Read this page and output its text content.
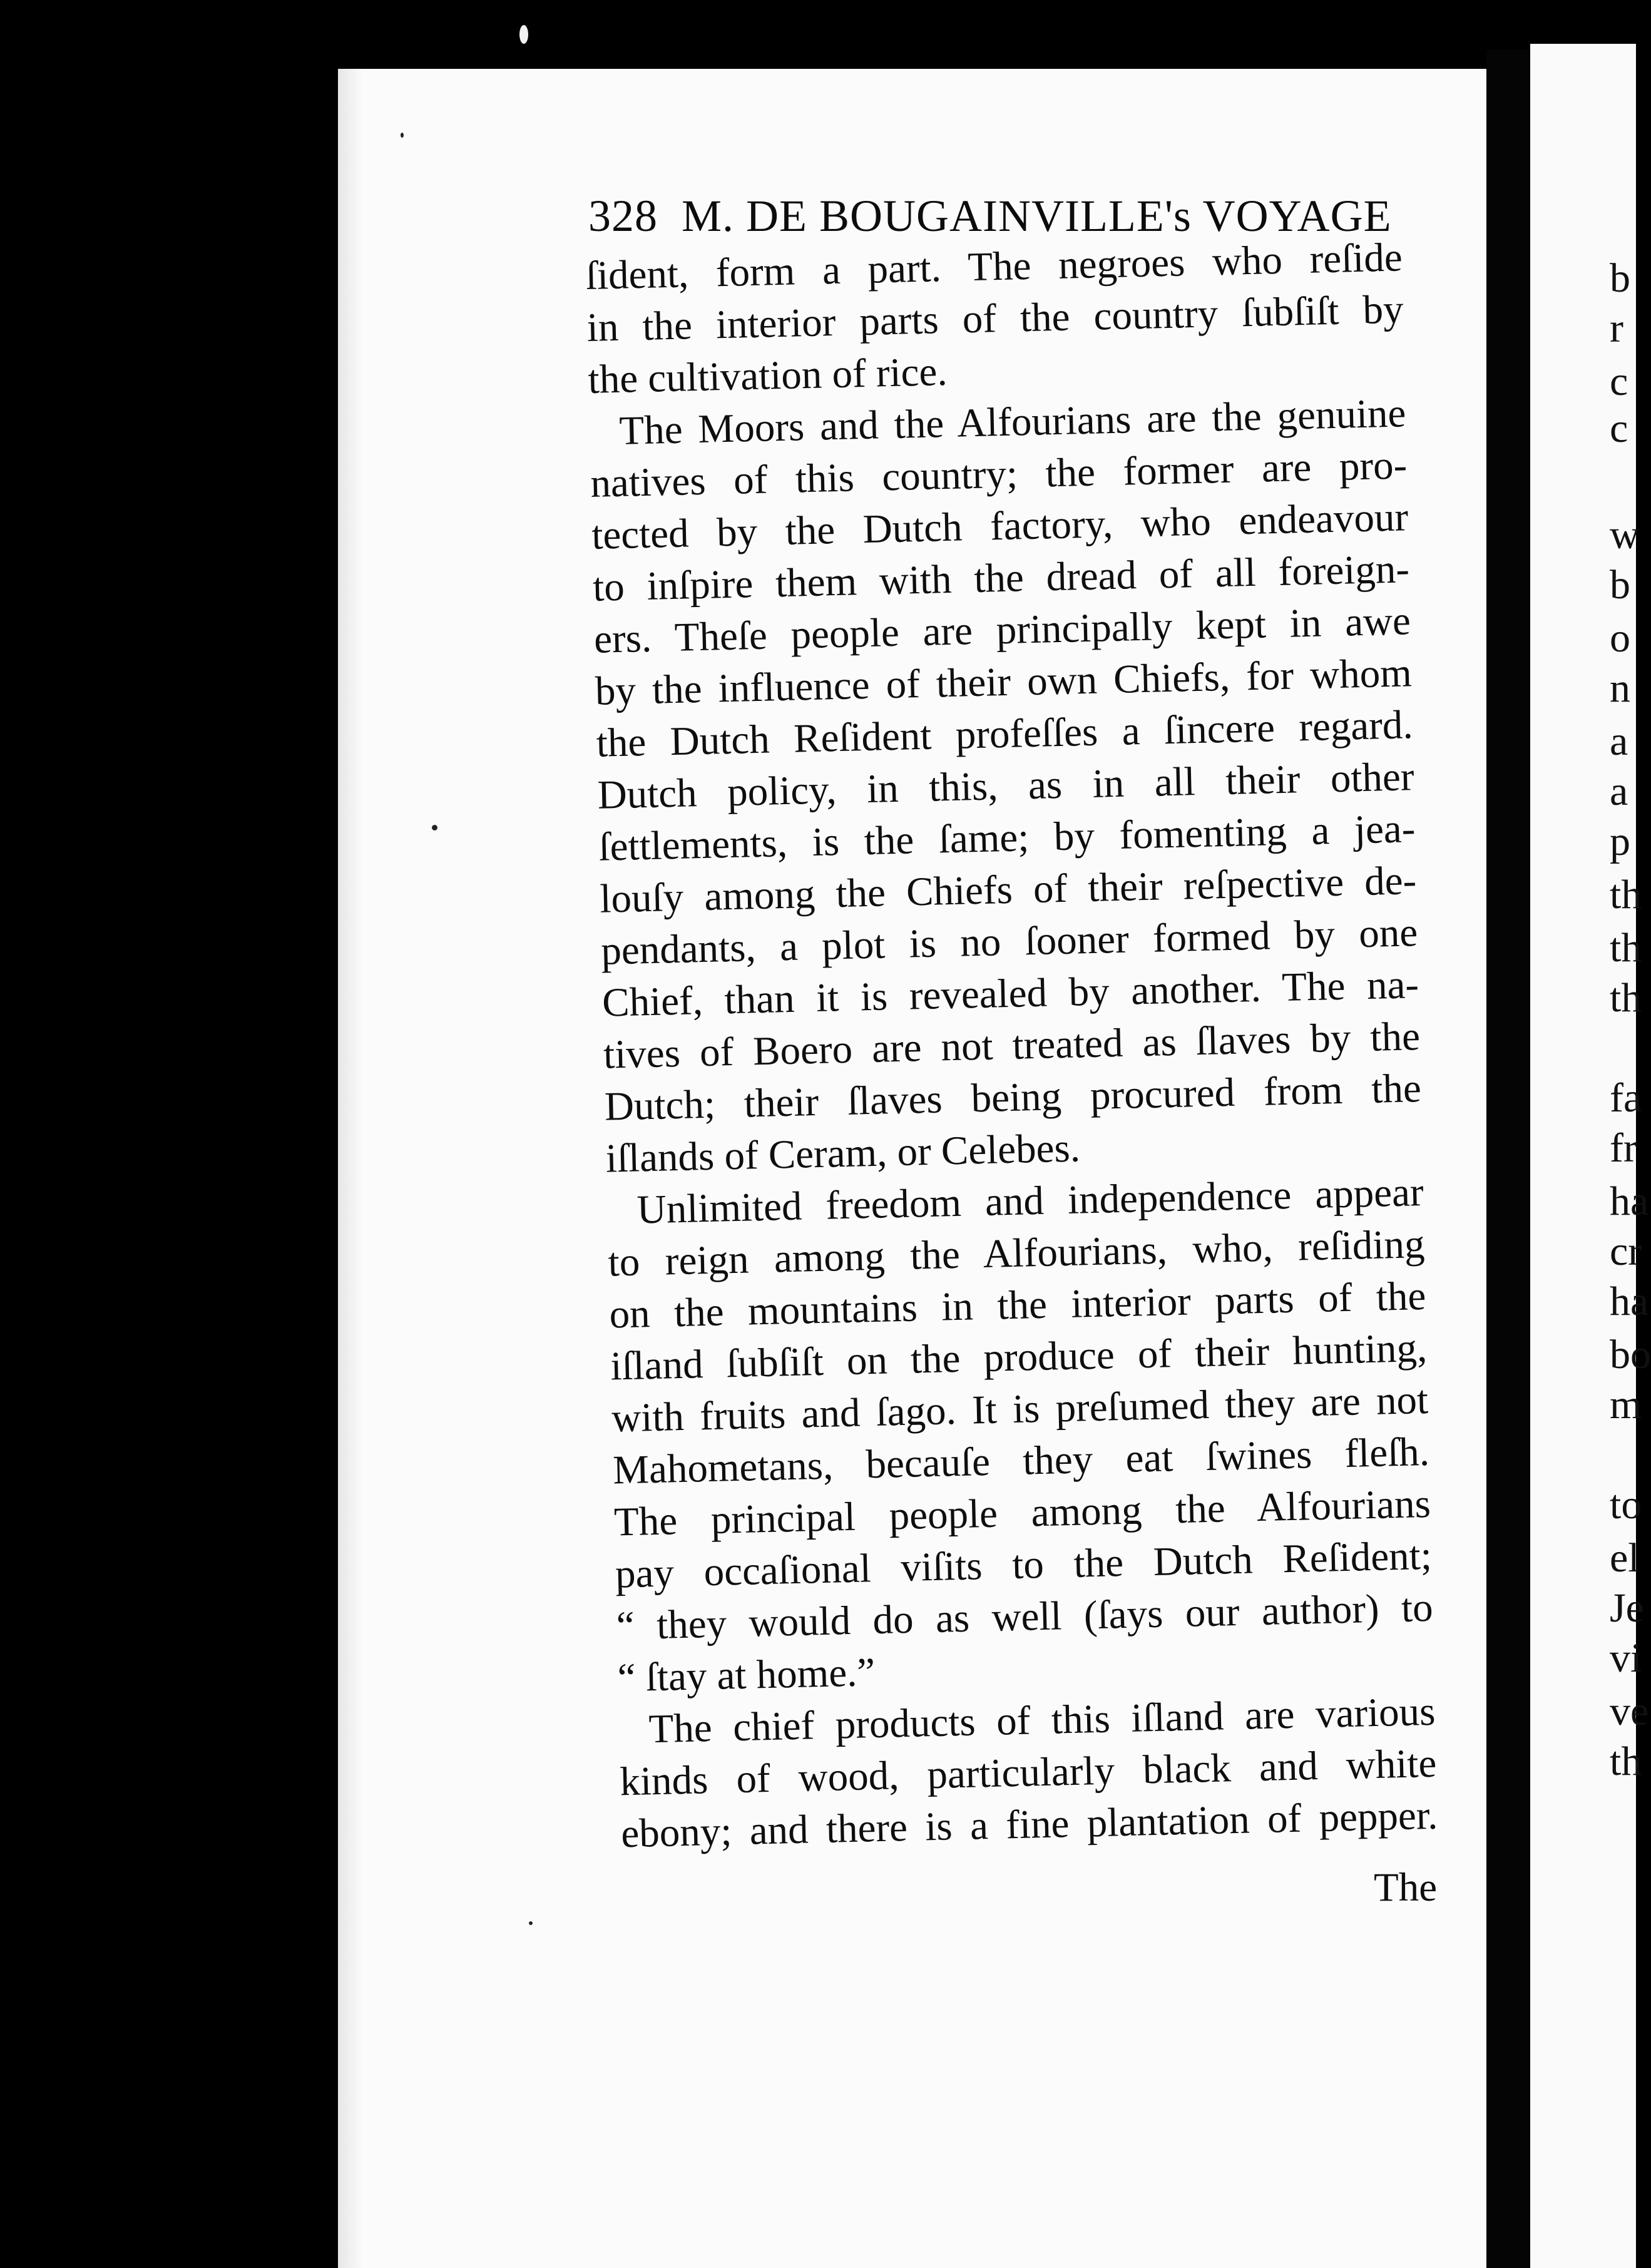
b
r
c
c
w
b
o
n
a
a
p
th
th
th
fa
fr
ha
cr
ha
bo
m
to
el
Je
vi
ve
th
328 M. DE BOUGAINVILLE's VOYAGE
ſident, form a part. The negroes who reſide
in the interior parts of the country ſubſiſt by
the cultivation of rice.
The Moors and the Alfourians are the genuine
natives of this country; the former are pro-
tected by the Dutch factory, who endeavour
to inſpire them with the dread of all foreign-
ers. Theſe people are principally kept in awe
by the influence of their own Chiefs, for whom
the Dutch Reſident profeſſes a ſincere regard.
Dutch policy, in this, as in all their other
ſettlements, is the ſame; by fomenting a jea-
louſy among the Chiefs of their reſpective de-
pendants, a plot is no ſooner formed by one
Chief, than it is revealed by another. The na-
tives of Boero are not treated as ſlaves by the
Dutch; their ſlaves being procured from the
iſlands of Ceram, or Celebes.
Unlimited freedom and independence appear
to reign among the Alfourians, who, reſiding
on the mountains in the interior parts of the
iſland ſubſiſt on the produce of their hunting,
with fruits and ſago. It is preſumed they are not
Mahometans, becauſe they eat ſwines fleſh.
The principal people among the Alfourians
pay occaſional viſits to the Dutch Reſident;
“ they would do as well (ſays our author) to
“ ſtay at home.”
The chief products of this iſland are various
kinds of wood, particularly black and white
ebony; and there is a fine plantation of pepper.
The
